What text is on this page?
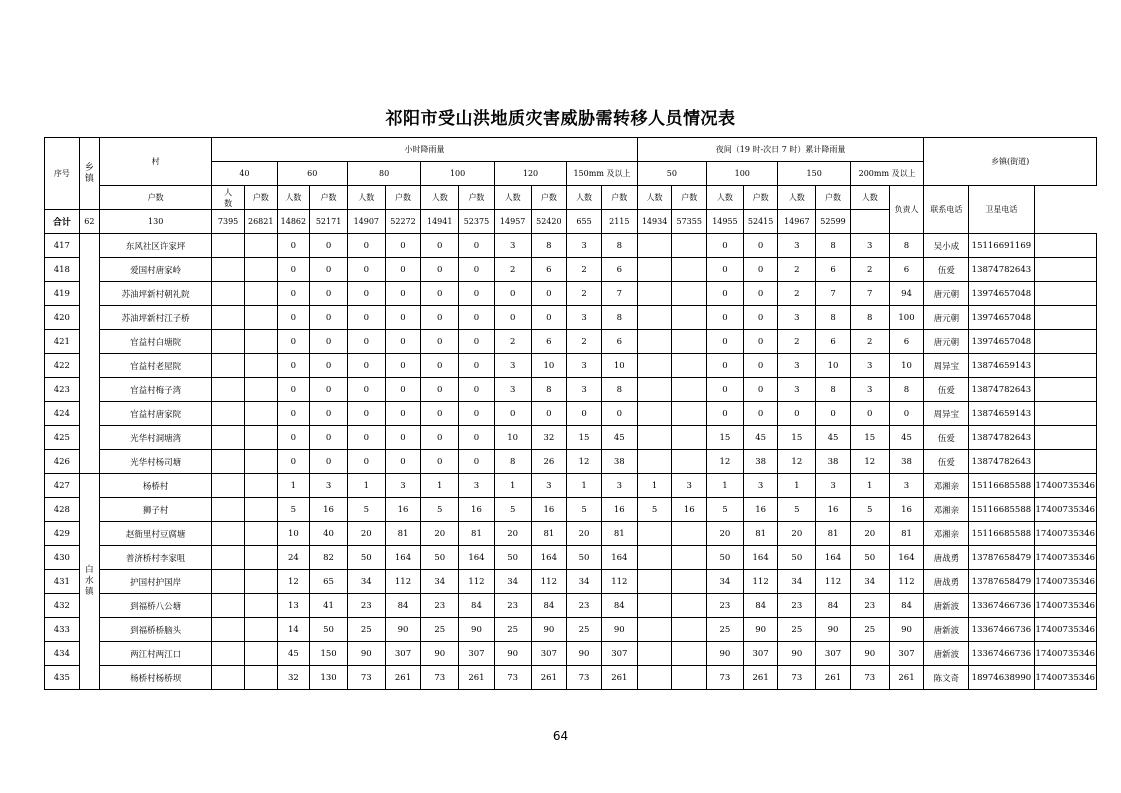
祁阳市受山洪地质灾害威胁需转移人员情况表
序号	乡镇	村	小时降雨量												夜间（19 时-次日 7 时）累计降雨量								乡镇(街道)		
			40		60		80		100		120		150mm 及以上		50		100		150		200mm 及以上				
		户数	人数	户数	人数	户数	人数	户数	人数	户数	人数	户数	人数	户数	人数	户数	人数	户数	人数	户数	人数	负责人	联系电话	卫星电话	
合计	62	130	7395	26821	14862	52171	14907	52272	14941	52375	14957	52420	655	2115	14934	57355	14955	52415	14967	52599					
417		东风社区许家坪			0	0	0	0	0	0	3	8	3	8			0	0	3	8	3	8	吴小成	15116691169	
418		爱国村唐家岭			0	0	0	0	0	0	2	6	2	6			0	0	2	6	2	6	伍爱	13874782643	
419		苏油坪新村朝礼院			0	0	0	0	0	0	0	0	2	7			0	0	2	7	7	94	唐元朝	13974657048	
420		苏油坪新村江子桥			0	0	0	0	0	0	0	0	3	8			0	0	3	8	8	100	唐元朝	13974657048	
421		官益村白塘院			0	0	0	0	0	0	2	6	2	6			0	0	2	6	2	6	唐元朝	13974657048	
422		官益村老屋院			0	0	0	0	0	0	3	10	3	10			0	0	3	10	3	10	周异宝	13874659143	
423		官益村梅子湾			0	0	0	0	0	0	3	8	3	8			0	0	3	8	3	8	伍爱	13874782643	
424		官益村唐家院			0	0	0	0	0	0	0	0	0	0			0	0	0	0	0	0	周异宝	13874659143	
425		光华村洞塘湾			0	0	0	0	0	0	10	32	15	45			15	45	15	45	15	45	伍爱	13874782643	
426		光华村杨司塘			0	0	0	0	0	0	8	26	12	38			12	38	12	38	12	38	伍爱	13874782643	
427	白水镇	杨桥村			1	3	1	3	1	3	1	3	1	3	1	3	1	3	1	3	1	3	邓湘亲	15116685588	17400735346
428		狮子村			5	16	5	16	5	16	5	16	5	16	5	16	5	16	5	16	5	16	邓湘亲	15116685588	17400735346
429		赵衙里村豆腐塘			10	40	20	81	20	81	20	81	20	81			20	81	20	81	20	81	邓湘亲	15116685588	17400735346
430		普济桥村李家咀			24	82	50	164	50	164	50	164	50	164			50	164	50	164	50	164	唐战勇	13787658479	17400735346
431		护国村护国岸			12	65	34	112	34	112	34	112	34	112			34	112	34	112	34	112	唐战勇	13787658479	17400735346
432		到福桥八公塘			13	41	23	84	23	84	23	84	23	84			23	84	23	84	23	84	唐新波	13367466736	17400735346
433		到福桥桥脑头			14	50	25	90	25	90	25	90	25	90			25	90	25	90	25	90	唐新波	13367466736	17400735346
434		两江村两江口			45	150	90	307	90	307	90	307	90	307			90	307	90	307	90	307	唐新波	13367466736	17400735346
435		杨桥村杨桥坝			32	130	73	261	73	261	73	261	73	261			73	261	73	261	73	261	陈文奇	18974638990	17400735346
64
